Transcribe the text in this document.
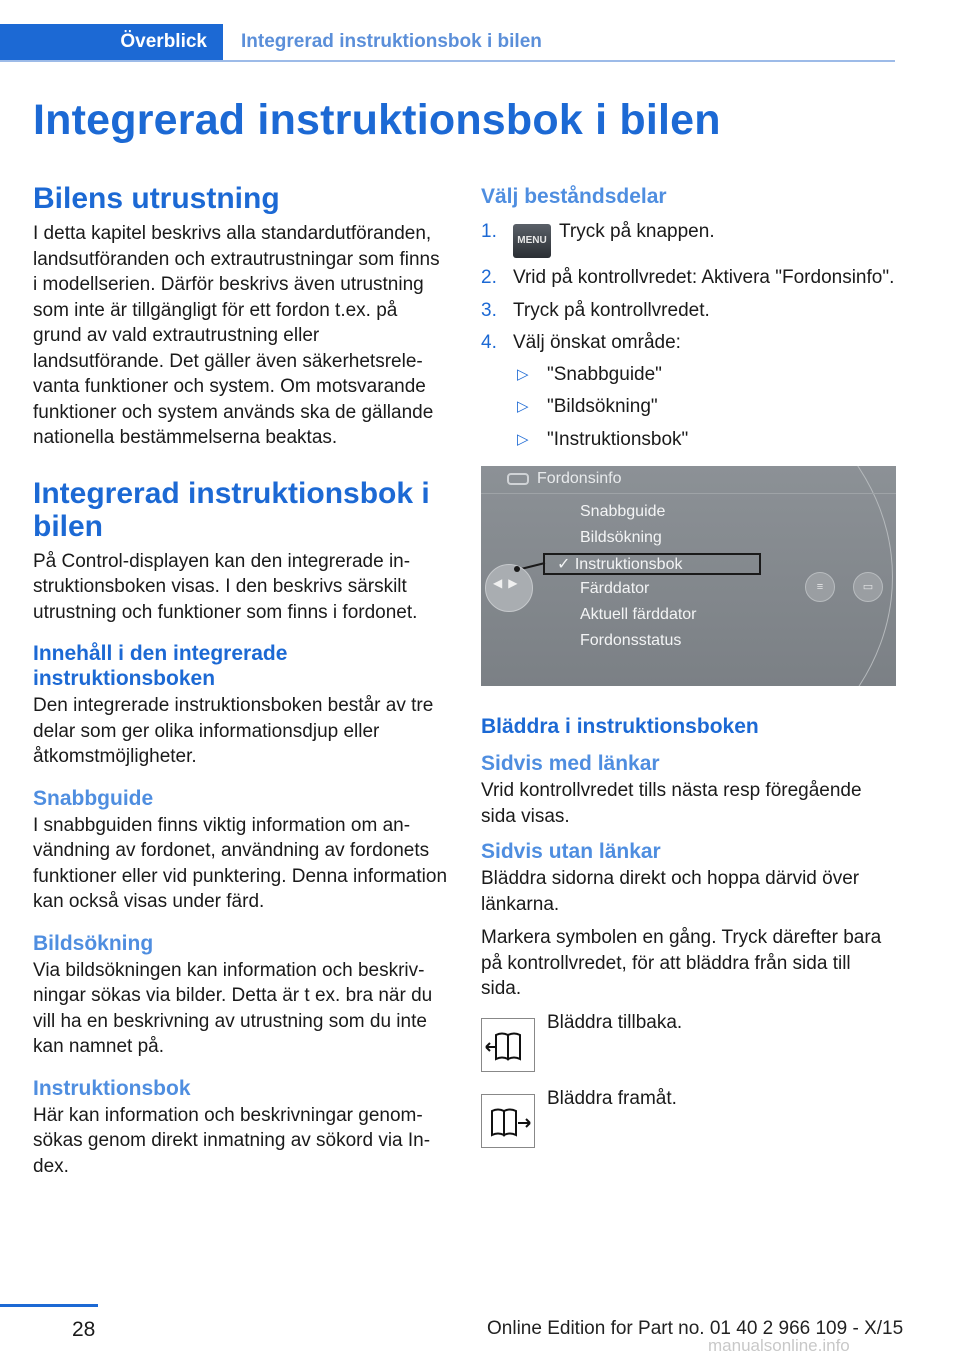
Överblick Integrerad instruktionsbok i bilen
Integrerad instruktionsbok i bilen
Bilens utrustning

I detta kapitel beskrivs alla standardutföranden, landsutföranden och extrautrustningar som finns i modellserien. Därför beskrivs även utrustning som inte är tillgängligt för ett fordon t.ex. på grund av vald extrautrustning eller landsutförande. Det gäller även säkerhetsrelevanta funktioner och system. Om motsvarande funktioner och system används ska de gällande nationella bestämmelserna beaktas.

Integrerad instruktionsbok i bilen

På Control-displayen kan den integrerade instruktionsboken visas. I den beskrivs särskilt utrustning och funktioner som finns i fordonet.

Innehåll i den integrerade instruktionsboken

Den integrerade instruktionsboken består av tre delar som ger olika informationsdjup eller åtkomstmöjligheter.

Snabbguide

I snabbguiden finns viktig information om användning av fordonet, användning av fordonets funktioner eller vid punktering. Denna information kan också visas under färd.

Bildsökning

Via bildsökningen kan information och beskrivningar sökas via bilder. Detta är t ex. bra när du vill ha en beskrivning av utrustning som du inte kan namnet på.

Instruktionsbok

Här kan information och beskrivningar genomsökas genom direkt inmatning av sökord via Index.

Välj beståndsdelar
1. MENU Tryck på knappen.
2. Vrid på kontrollvredet: Aktivera "Fordonsinfo".
3. Tryck på kontrollvredet.
4. Välj önskat område:
▷ "Snabbguide"
▷ "Bildsökning"
▷ "Instruktionsbok"
Fordonsinfo
Snabbguide
Bildsökning
✓ Instruktionsbok
Färddator
Aktuell färddator
Fordonsstatus
◀▶	≡	▭
Bläddra i instruktionsboken
Sidvis med länkar

Vrid kontrollvredet tills nästa resp föregående sida visas.

Sidvis utan länkar

Bläddra sidorna direkt och hoppa därvid över länkarna.

Markera symbolen en gång. Tryck därefter bara på kontrollvredet, för att bläddra från sida till sida.

Bläddra tillbaka.
Bläddra framåt.
28	Online Edition for Part no. 01 40 2 966 109 - X/15
manualsonline.info
